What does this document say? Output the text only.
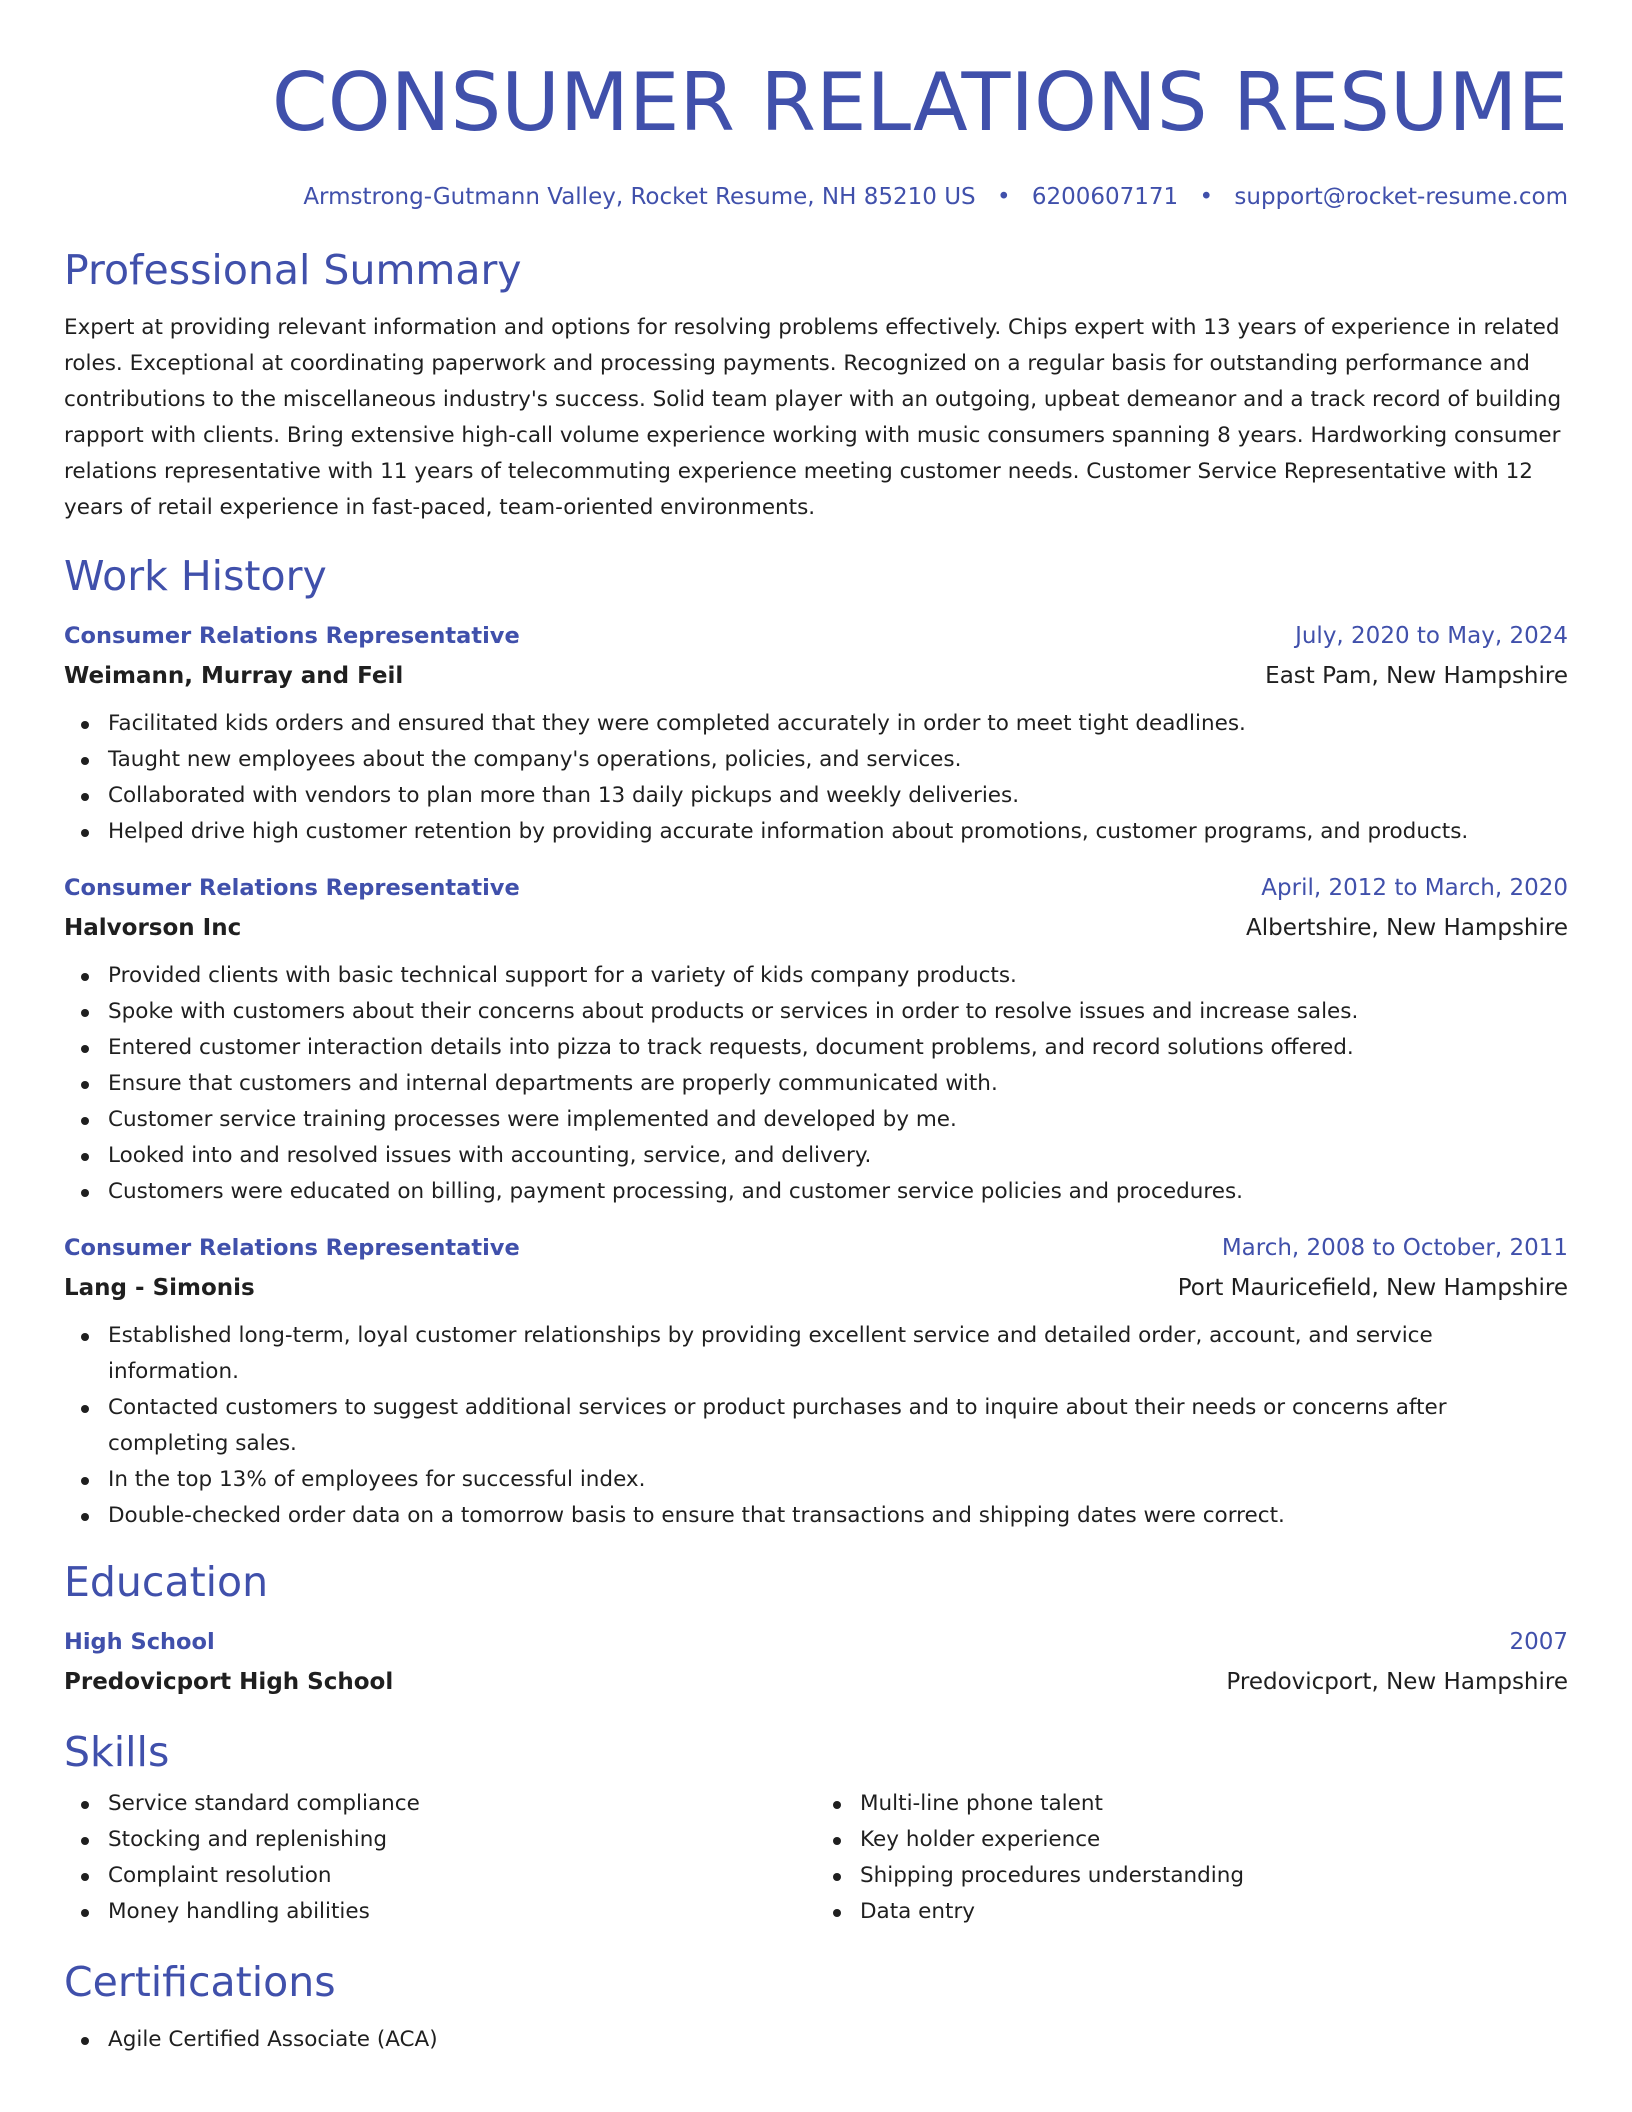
CONSUMER RELATIONS RESUME
Armstrong-Gutmann Valley, Rocket Resume, NH 85210 US • 6200607171 • support@rocket-resume.com
Professional Summary

Expert at providing relevant information and options for resolving problems effectively. Chips expert with 13 years of experience in related roles. Exceptional at coordinating paperwork and processing payments. Recognized on a regular basis for outstanding performance and contributions to the miscellaneous industry's success. Solid team player with an outgoing, upbeat demeanor and a track record of building rapport with clients. Bring extensive high-call volume experience working with music consumers spanning 8 years. Hardworking consumer relations representative with 11 years of telecommuting experience meeting customer needs. Customer Service Representative with 12 years of retail experience in fast-paced, team-oriented environments.

Work History
Consumer Relations Representative	July, 2020 to May, 2024
Weimann, Murray and Feil	East Pam, New Hampshire
Facilitated kids orders and ensured that they were completed accurately in order to meet tight deadlines.
Taught new employees about the company's operations, policies, and services.
Collaborated with vendors to plan more than 13 daily pickups and weekly deliveries.
Helped drive high customer retention by providing accurate information about promotions, customer programs, and products.
Consumer Relations Representative	April, 2012 to March, 2020
Halvorson Inc	Albertshire, New Hampshire
Provided clients with basic technical support for a variety of kids company products.
Spoke with customers about their concerns about products or services in order to resolve issues and increase sales.
Entered customer interaction details into pizza to track requests, document problems, and record solutions offered.
Ensure that customers and internal departments are properly communicated with.
Customer service training processes were implemented and developed by me.
Looked into and resolved issues with accounting, service, and delivery.
Customers were educated on billing, payment processing, and customer service policies and procedures.
Consumer Relations Representative	March, 2008 to October, 2011
Lang - Simonis	Port Mauricefield, New Hampshire
Established long-term, loyal customer relationships by providing excellent service and detailed order, account, and service information.
Contacted customers to suggest additional services or product purchases and to inquire about their needs or concerns after completing sales.
In the top 13% of employees for successful index.
Double-checked order data on a tomorrow basis to ensure that transactions and shipping dates were correct.
Education
High School	2007
Predovicport High School	Predovicport, New Hampshire
Skills
Service standard compliance
Stocking and replenishing
Complaint resolution
Money handling abilities
Multi-line phone talent
Key holder experience
Shipping procedures understanding
Data entry
Certifications
Agile Certified Associate (ACA)
